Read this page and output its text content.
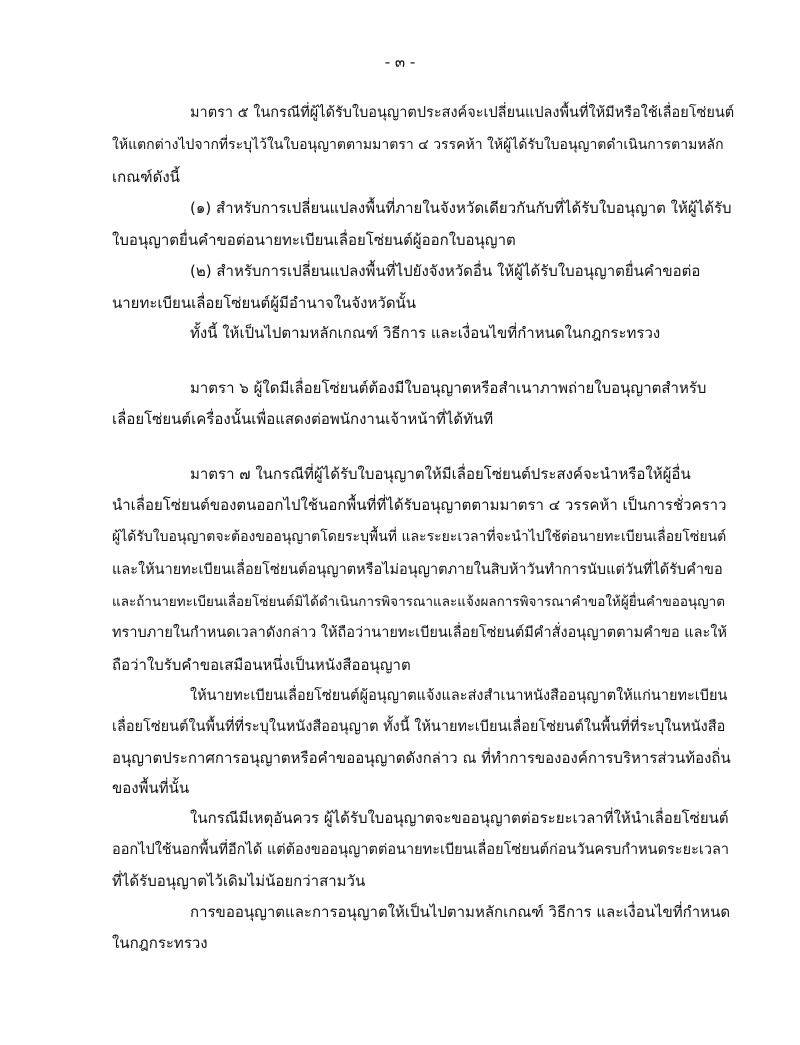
- ๓ -
มาตรา ๕ ในกรณีที่ผู้ได้รับใบอนุญาตประสงค์จะเปลี่ยนแปลงพื้นที่ให้มีหรือใช้เลื่อยโซ่ยนต์
ให้แตกต่างไปจากที่ระบุไว้ในใบอนุญาตตามมาตรา ๔ วรรคห้า ให้ผู้ได้รับใบอนุญาตดำเนินการตามหลัก
เกณฑ์ดังนี้
(๑) สำหรับการเปลี่ยนแปลงพื้นที่ภายในจังหวัดเดียวกันกับที่ได้รับใบอนุญาต ให้ผู้ได้รับ
ใบอนุญาตยื่นคำขอต่อนายทะเบียนเลื่อยโซ่ยนต์ผู้ออกใบอนุญาต
(๒) สำหรับการเปลี่ยนแปลงพื้นที่ไปยังจังหวัดอื่น ให้ผู้ได้รับใบอนุญาตยื่นคำขอต่อ
นายทะเบียนเลื่อยโซ่ยนต์ผู้มีอำนาจในจังหวัดนั้น
ทั้งนี้ ให้เป็นไปตามหลักเกณฑ์ วิธีการ และเงื่อนไขที่กำหนดในกฎกระทรวง
มาตรา ๖ ผู้ใดมีเลื่อยโซ่ยนต์ต้องมีใบอนุญาตหรือสำเนาภาพถ่ายใบอนุญาตสำหรับ
เลื่อยโซ่ยนต์เครื่องนั้นเพื่อแสดงต่อพนักงานเจ้าหน้าที่ได้ทันที
มาตรา ๗ ในกรณีที่ผู้ได้รับใบอนุญาตให้มีเลื่อยโซ่ยนต์ประสงค์จะนำหรือให้ผู้อื่น
นำเลื่อยโซ่ยนต์ของตนออกไปใช้นอกพื้นที่ที่ได้รับอนุญาตตามมาตรา ๔ วรรคห้า เป็นการชั่วคราว
ผู้ได้รับใบอนุญาตจะต้องขออนุญาตโดยระบุพื้นที่ และระยะเวลาที่จะนำไปใช้ต่อนายทะเบียนเลื่อยโซ่ยนต์
และให้นายทะเบียนเลื่อยโซ่ยนต์อนุญาตหรือไม่อนุญาตภายในสิบห้าวันทำการนับแต่วันที่ได้รับคำขอ
และถ้านายทะเบียนเลื่อยโซ่ยนต์มิได้ดำเนินการพิจารณาและแจ้งผลการพิจารณาคำขอให้ผู้ยื่นคำขออนุญาต
ทราบภายในกำหนดเวลาดังกล่าว ให้ถือว่านายทะเบียนเลื่อยโซ่ยนต์มีคำสั่งอนุญาตตามคำขอ และให้
ถือว่าใบรับคำขอเสมือนหนึ่งเป็นหนังสืออนุญาต
ให้นายทะเบียนเลื่อยโซ่ยนต์ผู้อนุญาตแจ้งและส่งสำเนาหนังสืออนุญาตให้แก่นายทะเบียน
เลื่อยโซ่ยนต์ในพื้นที่ที่ระบุในหนังสืออนุญาต ทั้งนี้ ให้นายทะเบียนเลื่อยโซ่ยนต์ในพื้นที่ที่ระบุในหนังสือ
อนุญาตประกาศการอนุญาตหรือคำขออนุญาตดังกล่าว ณ ที่ทำการขององค์การบริหารส่วนท้องถิ่น
ของพื้นที่นั้น
ในกรณีมีเหตุอันควร ผู้ได้รับใบอนุญาตจะขออนุญาตต่อระยะเวลาที่ให้นำเลื่อยโซ่ยนต์
ออกไปใช้นอกพื้นที่อีกได้ แต่ต้องขออนุญาตต่อนายทะเบียนเลื่อยโซ่ยนต์ก่อนวันครบกำหนดระยะเวลา
ที่ได้รับอนุญาตไว้เดิมไม่น้อยกว่าสามวัน
การขออนุญาตและการอนุญาตให้เป็นไปตามหลักเกณฑ์ วิธีการ และเงื่อนไขที่กำหนด
ในกฎกระทรวง
